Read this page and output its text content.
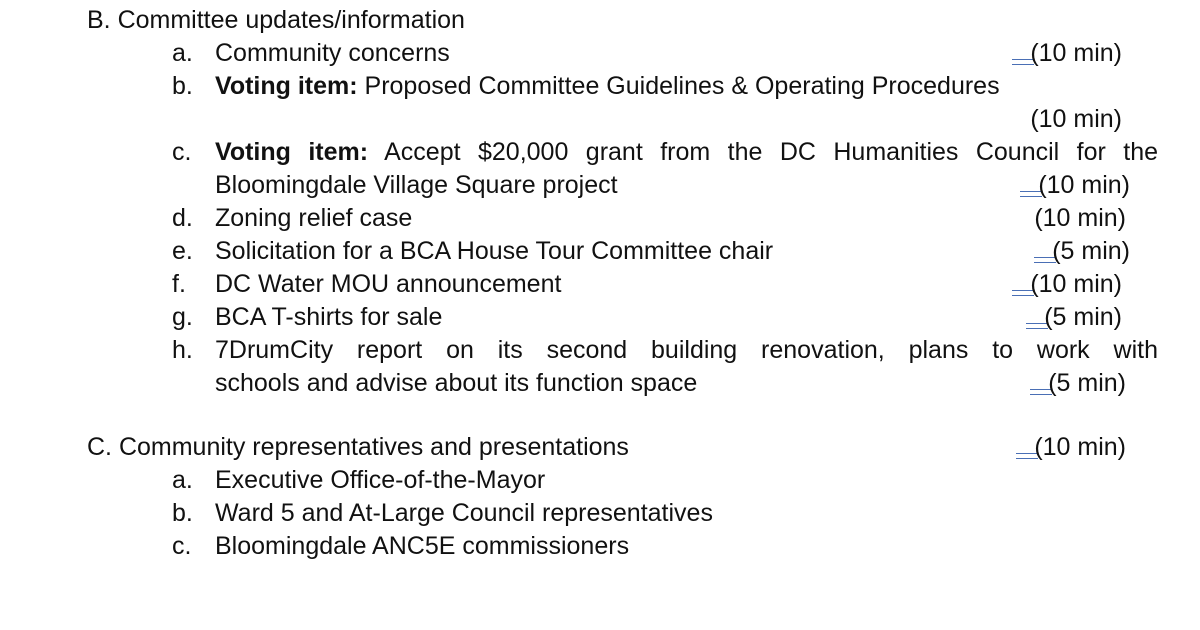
B. Committee updates/information
a. Community concerns	(10 min)
b. Voting item: Proposed Committee Guidelines & Operating Procedures
(10 min)
c. Voting item: Accept $20,000 grant from the DC Humanities Council for the
Bloomingdale Village Square project	(10 min)
d. Zoning relief case	(10 min)
e. Solicitation for a BCA House Tour Committee chair	(5 min)
f. DC Water MOU announcement	(10 min)
g. BCA T-shirts for sale	(5 min)
h. 7DrumCity report on its second building renovation, plans to work with
schools and advise about its function space	(5 min)
C. Community representatives and presentations	(10 min)
a. Executive Office-of-the-Mayor
b. Ward 5 and At-Large Council representatives
c. Bloomingdale ANC5E commissioners
